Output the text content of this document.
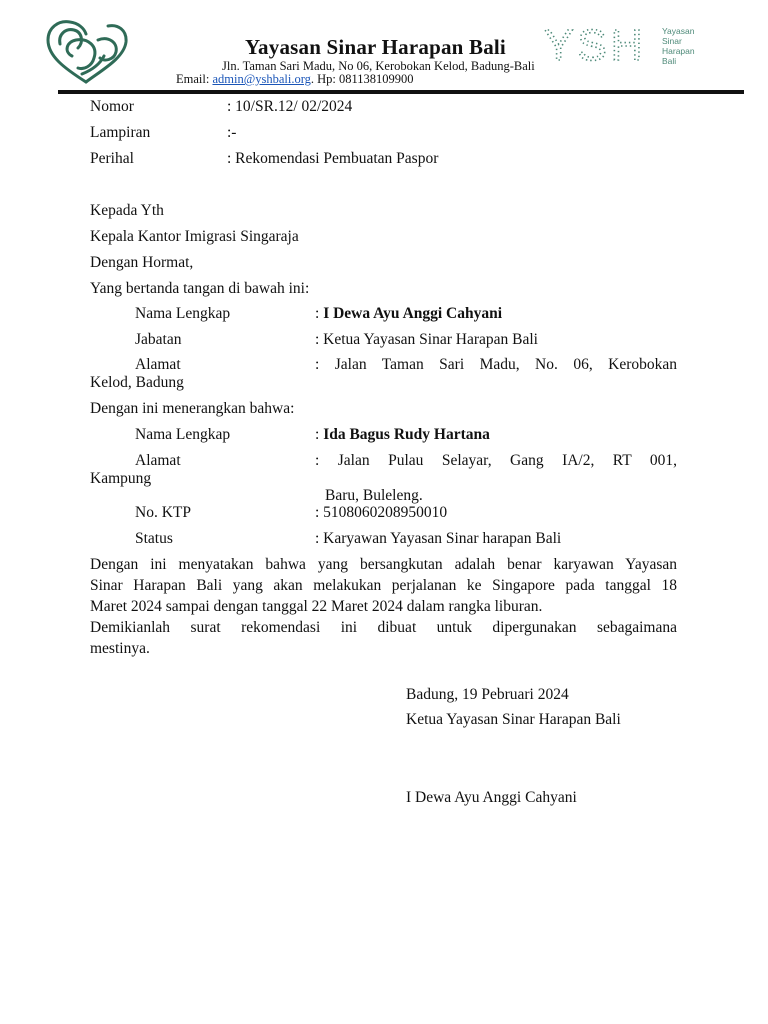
Yayasan Sinar Harapan Bali
Jln. Taman Sari Madu, No 06, Kerobokan Kelod, Badung-Bali
Email: admin@yshbali.org. Hp: 081138109900
YSH Yayasan
Sinar
Harapan
Bali
Nomor	: 10/SR.12/ 02/2024
Lampiran	:-
Perihal	: Rekomendasi Pembuatan Paspor
Kepada Yth
Kepala Kantor Imigrasi Singaraja
Dengan Hormat,
Yang bertanda tangan di bawah ini:
Nama Lengkap	: I Dewa Ayu Anggi Cahyani
Jabatan	: Ketua Yayasan Sinar Harapan Bali
Alamat	: Jalan Taman Sari Madu, No. 06, Kerobokan
Kelod, Badung
Dengan ini menerangkan bahwa:
Nama Lengkap	: Ida Bagus Rudy Hartana
Alamat	: Jalan Pulau Selayar, Gang IA/2, RT 001,
Kampung
Baru, Buleleng.
No. KTP	: 5108060208950010
Status	: Karyawan Yayasan Sinar harapan Bali
Dengan ini menyatakan bahwa yang bersangkutan adalah benar karyawan Yayasan
Sinar Harapan Bali yang akan melakukan perjalanan ke Singapore pada tanggal 18
Maret 2024 sampai dengan tanggal 22 Maret 2024 dalam rangka liburan.
Demikianlah surat rekomendasi ini dibuat untuk dipergunakan sebagaimana
mestinya.
Badung, 19 Pebruari 2024
Ketua Yayasan Sinar Harapan Bali
I Dewa Ayu Anggi Cahyani
